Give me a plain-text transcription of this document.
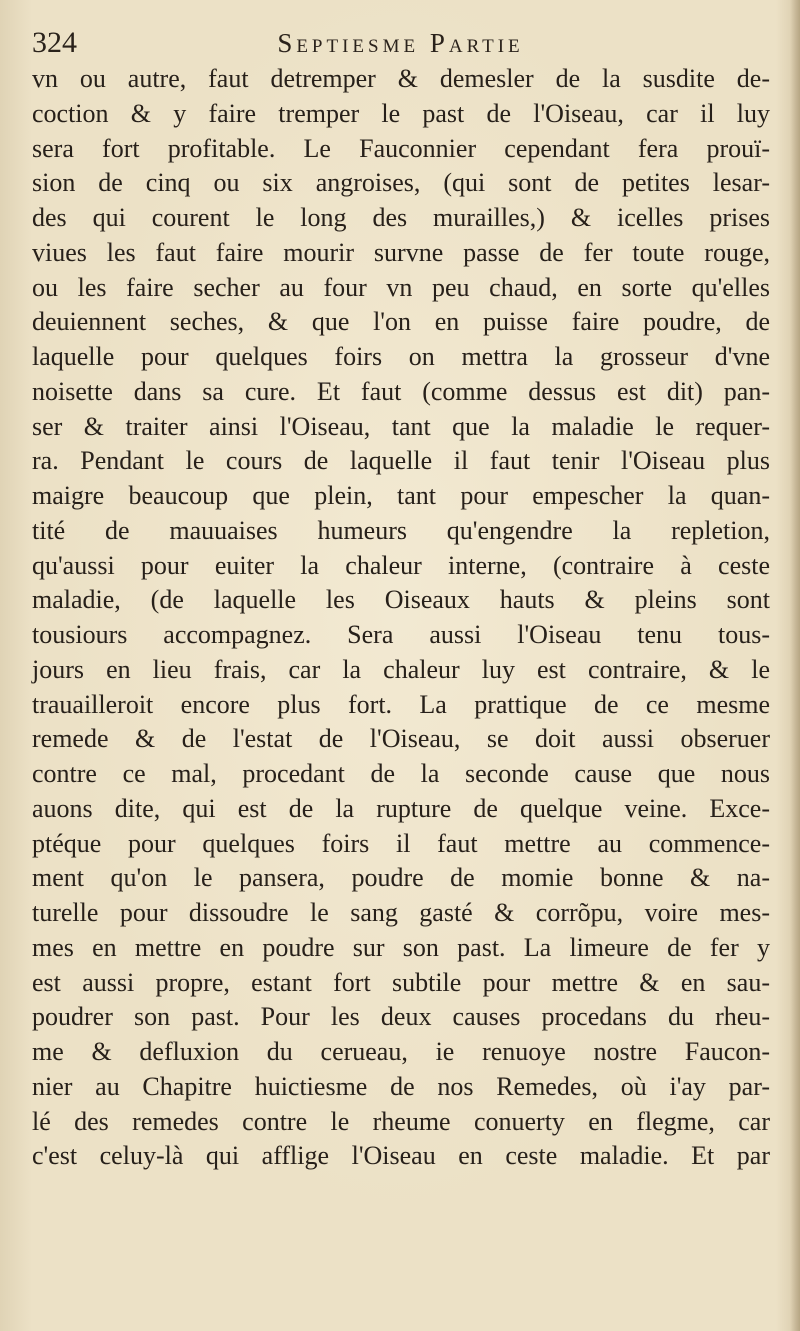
324	Septiesme Partie
vn ou autre, faut detremper & demesler de la susdite de-
coction & y faire tremper le past de l'Oiseau, car il luy
sera fort profitable. Le Fauconnier cependant fera prouï-
sion de cinq ou six angroises, (qui sont de petites lesar-
des qui courent le long des murailles,) & icelles prises
viues les faut faire mourir survne passe de fer toute rouge,
ou les faire secher au four vn peu chaud, en sorte qu'elles
deuiennent seches, & que l'on en puisse faire poudre, de
laquelle pour quelques foirs on mettra la grosseur d'vne
noisette dans sa cure. Et faut (comme dessus est dit) pan-
ser & traiter ainsi l'Oiseau, tant que la maladie le requer-
ra. Pendant le cours de laquelle il faut tenir l'Oiseau plus
maigre beaucoup que plein, tant pour empescher la quan-
tité de mauuaises humeurs qu'engendre la repletion,
qu'aussi pour euiter la chaleur interne, (contraire à ceste
maladie, (de laquelle les Oiseaux hauts & pleins sont
tousiours accompagnez. Sera aussi l'Oiseau tenu tous-
jours en lieu frais, car la chaleur luy est contraire, & le
trauailleroit encore plus fort. La prattique de ce mesme
remede & de l'estat de l'Oiseau, se doit aussi obseruer
contre ce mal, procedant de la seconde cause que nous
auons dite, qui est de la rupture de quelque veine. Exce-
ptéque pour quelques foirs il faut mettre au commence-
ment qu'on le pansera, poudre de momie bonne & na-
turelle pour dissoudre le sang gasté & corrõpu, voire mes-
mes en mettre en poudre sur son past. La limeure de fer y
est aussi propre, estant fort subtile pour mettre & en sau-
poudrer son past. Pour les deux causes procedans du rheu-
me & defluxion du cerueau, ie renuoye nostre Faucon-
nier au Chapitre huictiesme de nos Remedes, où i'ay par-
lé des remedes contre le rheume conuerty en flegme, car
c'est celuy-là qui afflige l'Oiseau en ceste maladie. Et par
